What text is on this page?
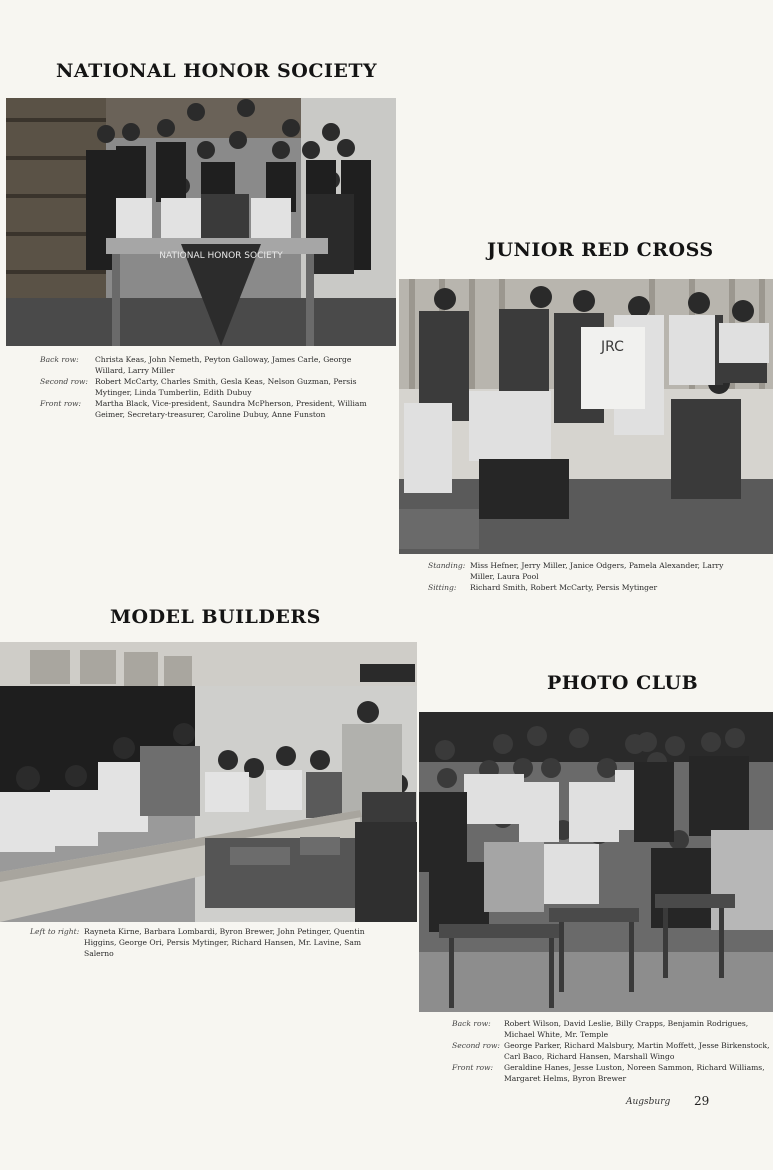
NATIONAL HONOR SOCIETY
NATIONAL HONOR SOCIETY
Back row:	Christa Keas, John Nemeth, Peyton Galloway, James Carle, George Willard, Larry Miller
Second row: Robert McCarty, Charles Smith, Gesla Keas, Nelson Guzman, Persis Mytinger, Linda Tumberlin, Edith Dubuy
Front row:	Martha Black, Vice-president, Saundra McPherson, President, William Geimer, Secretary-treasurer, Caroline Dubuy, Anne Funston
JUNIOR RED CROSS
JRC
Standing: Miss Hefner, Jerry Miller, Janice Odgers, Pamela Alexander, Larry Miller, Laura Pool
Sitting:	Richard Smith, Robert McCarty, Persis Mytinger
MODEL BUILDERS
Left to right: Rayneta Kirne, Barbara Lombardi, Byron Brewer, John Petinger, Quentin Higgins, George Ori, Persis Mytinger, Richard Hansen, Mr. Lavine, Sam Salerno
PHOTO CLUB
Back row:	Robert Wilson, David Leslie, Billy Crapps, Benjamin Rodrigues, Michael White, Mr. Temple
Second row: George Parker, Richard Malsbury, Martin Moffett, Jesse Birkenstock, Carl Baco, Richard Hansen, Marshall Wingo
Front row:	Geraldine Hanes, Jesse Luston, Noreen Sammon, Richard Williams, Margaret Helms, Byron Brewer
Augsburg 29
